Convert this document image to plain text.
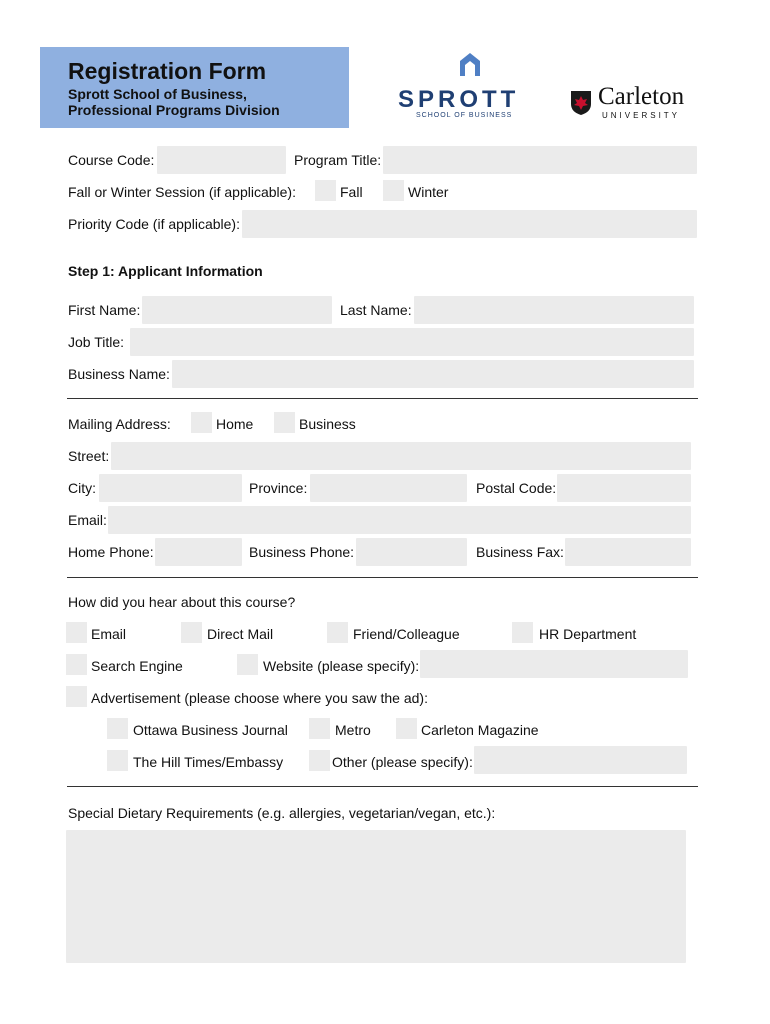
Registration Form
Sprott School of Business,
Professional Programs Division	SPROTT
SCHOOL OF BUSINESS
Carleton
UNIVERSITY
Course Code:	Program Title:
Fall or Winter Session (if applicable):	Fall	Winter
Priority Code (if applicable):
Step 1: Applicant Information
First Name:	Last Name:
Job Title:
Business Name:
Mailing Address:	Home	Business
Street:
City:	Province:	Postal Code:
Email:
Home Phone:	Business Phone:	Business Fax:
How did you hear about this course?
Email	Direct Mail	Friend/Colleague	HR Department
Search Engine	Website (please specify):
Advertisement (please choose where you saw the ad):
Ottawa Business Journal	Metro	Carleton Magazine
The Hill Times/Embassy	Other (please specify):
Special Dietary Requirements (e.g. allergies, vegetarian/vegan, etc.):
